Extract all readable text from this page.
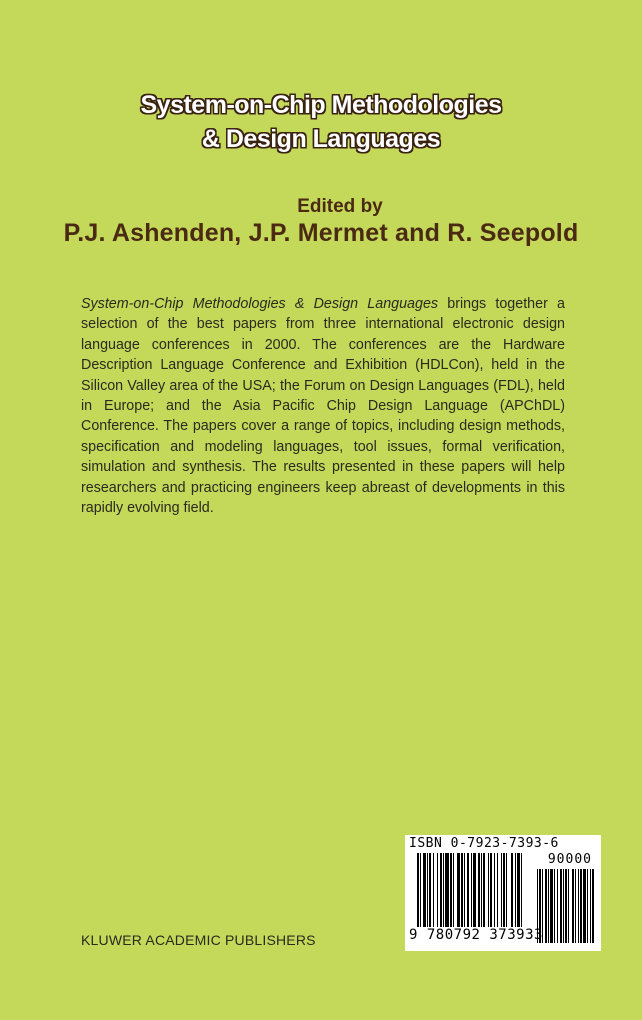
System-on-Chip Methodologies
& Design Languages
Edited by
P.J. Ashenden, J.P. Mermet and R. Seepold
System-on-Chip Methodologies & Design Languages brings together a selection of the best papers from three international electronic design language conferences in 2000. The conferences are the Hardware Description Language Conference and Exhibition (HDLCon), held in the Silicon Valley area of the USA; the Forum on Design Languages (FDL), held in Europe; and the Asia Pacific Chip Design Language (APChDL) Conference. The papers cover a range of topics, including design methods, specification and modeling languages, tool issues, formal verification, simulation and synthesis. The results presented in these papers will help researchers and practicing engineers keep abreast of developments in this rapidly evolving field.
ISBN 0-7923-7393-6
90000
9 780792 373933
KLUWER ACADEMIC PUBLISHERS
